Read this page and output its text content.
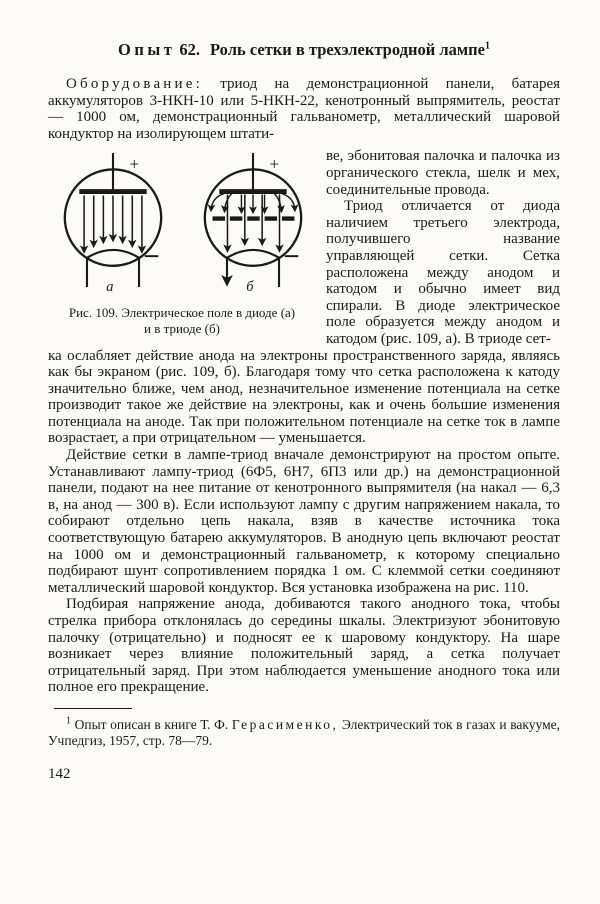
Опыт 62. Роль сетки в трехэлектродной лампе$^1$
Оборудование: триод на демонстрационной панели, батарея аккумуляторов 3-НКН-10 или 5-НКН-22, кенотронный выпрямитель, реостат — 1000 ом, демонстрационный гальванометр, металлический шаровой кондуктор на изолирующем штати-
+
а
+
б
Рис. 109. Электрическое поле в диоде (а)
и в триоде (б)
ве, эбонитовая палочка и палочка из органического стекла, шелк и мех, соединительные провода.
Триод отличается от диода наличием третьего электрода, получившего название управляющей сетки. Сетка расположена между анодом и катодом и обычно имеет вид спирали. В диоде электрическое поле образуется между анодом и катодом (рис. 109, а). В триоде сет-
ка ослабляет действие анода на электроны пространственного заряда, являясь как бы экраном (рис. 109, б). Благодаря тому что сетка расположена к катоду значительно ближе, чем анод, незначительное изменение потенциала на сетке производит такое же действие на электроны, как и очень большие изменения потенциала на аноде. Так при положительном потенциале на сетке ток в лампе возрастает, а при отрицательном — уменьшается.
Действие сетки в лампе-триод вначале демонстрируют на простом опыте. Устанавливают лампу-триод (6Ф5, 6Н7, 6П3 или др.) на демонстрационной панели, подают на нее питание от кенотронного выпрямителя (на накал — 6,3 в, на анод — 300 в). Если используют лампу с другим напряжением накала, то собирают отдельно цепь накала, взяв в качестве источника тока соответствующую батарею аккумуляторов. В анодную цепь включают реостат на 1000 ом и демонстрационный гальванометр, к которому специально подбирают шунт сопротивлением порядка 1 ом. С клеммой сетки соединяют металлический шаровой кондуктор. Вся установка изображена на рис. 110.
Подбирая напряжение анода, добиваются такого анодного тока, чтобы стрелка прибора отклонялась до середины шкалы. Электризуют эбонитовую палочку (отрицательно) и подносят ее к шаровому кондуктору. На шаре возникает через влияние положительный заряд, а сетка получает отрицательный заряд. При этом наблюдается уменьшение анодного тока или полное его прекращение.
$^1$ Опыт описан в книге Т. Ф. Герасименко, Электрический ток в газах и вакууме, Учпедгиз, 1957, стр. 78—79.
142
